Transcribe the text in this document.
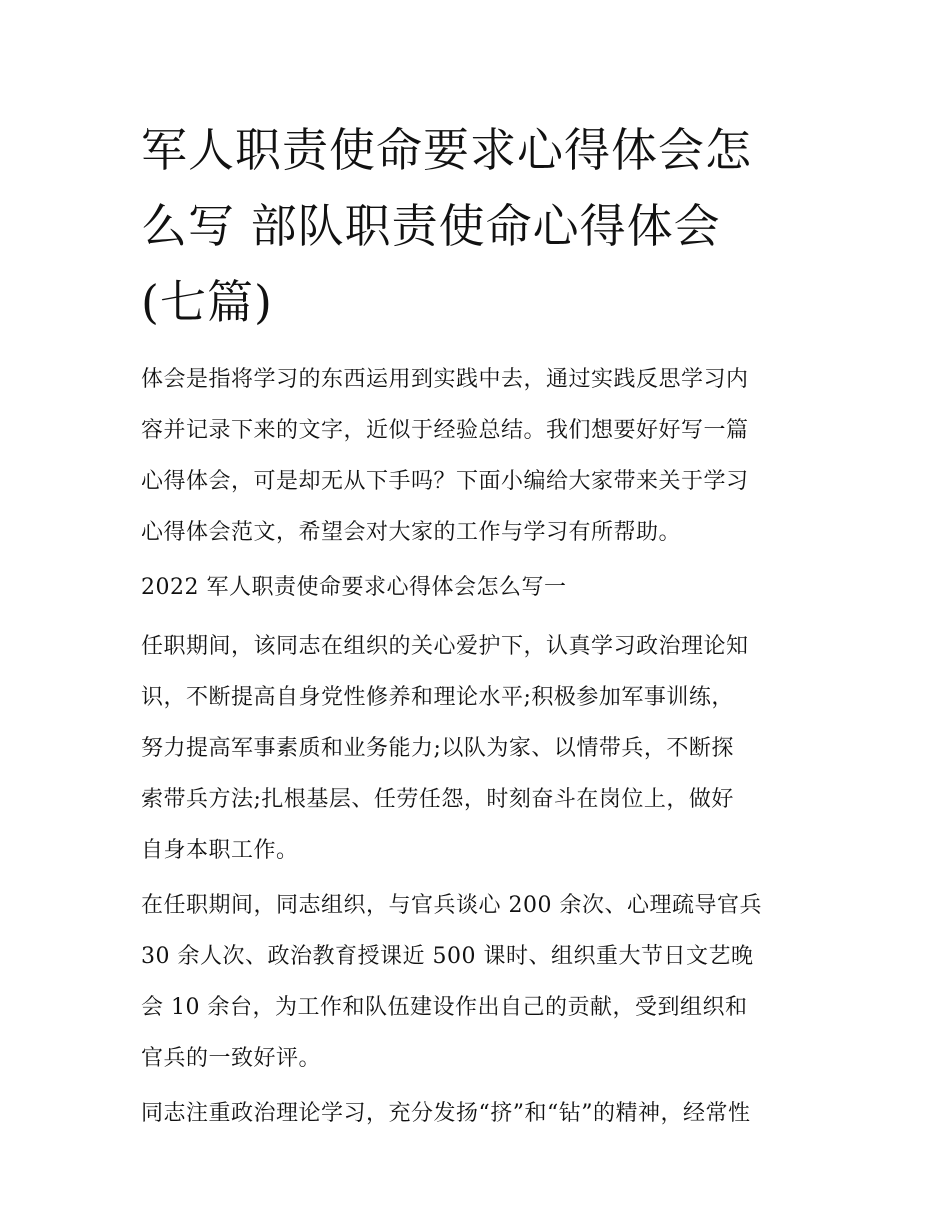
军人职责使命要求心得体会怎
么写 部队职责使命心得体会
(七篇)

体会是指将学习的东西运用到实践中去，通过实践反思学习内
容并记录下来的文字，近似于经验总结。我们想要好好写一篇
心得体会，可是却无从下手吗？下面小编给大家带来关于学习
心得体会范文，希望会对大家的工作与学习有所帮助。

2022 军人职责使命要求心得体会怎么写一

任职期间，该同志在组织的关心爱护下，认真学习政治理论知
识，不断提高自身党性修养和理论水平;积极参加军事训练，
努力提高军事素质和业务能力;以队为家、以情带兵，不断探
索带兵方法;扎根基层、任劳任怨，时刻奋斗在岗位上，做好
自身本职工作。

在任职期间，同志组织，与官兵谈心 200 余次、心理疏导官兵
30 余人次、政治教育授课近 500 课时、组织重大节日文艺晚
会 10 余台，为工作和队伍建设作出自己的贡献，受到组织和
官兵的一致好评。

同志注重政治理论学习，充分发扬“挤”和“钻”的精神，经常性
